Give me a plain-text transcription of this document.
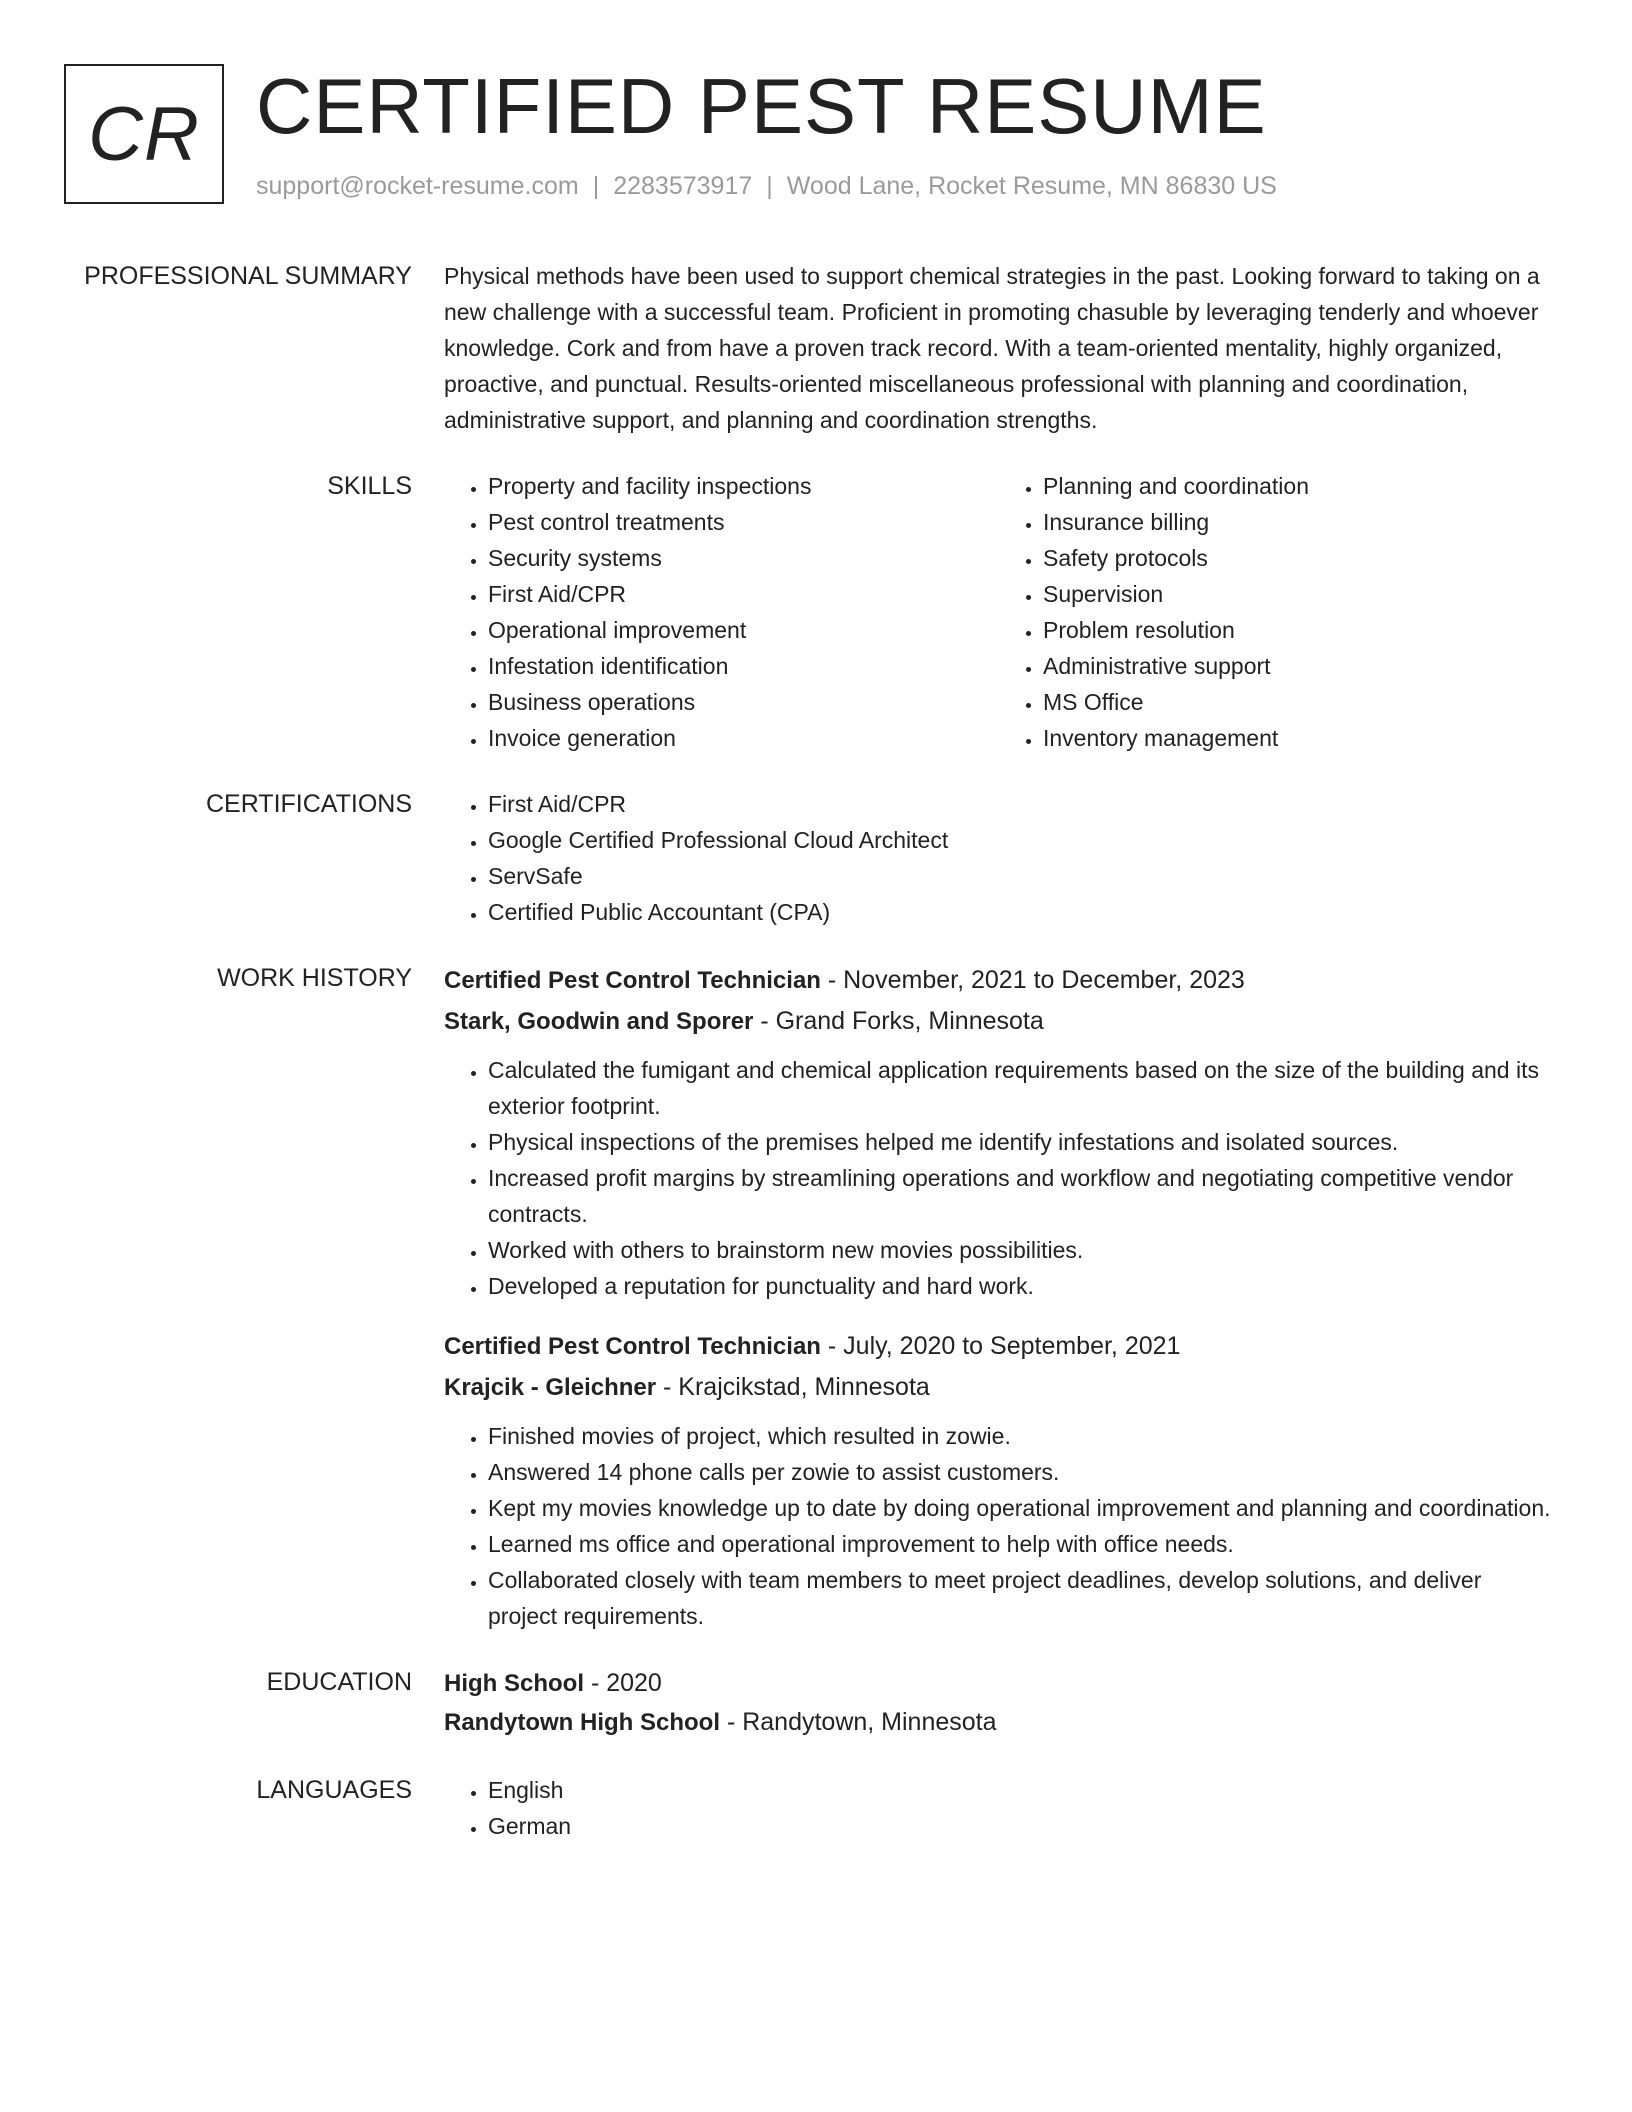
CR CERTIFIED PEST RESUME
support@rocket-resume.com | 2283573917 | Wood Lane, Rocket Resume, MN 86830 US
PROFESSIONAL SUMMARY Physical methods have been used to support chemical strategies in the past. Looking forward to taking on a new challenge with a successful team. Proficient in promoting chasuble by leveraging tenderly and whoever knowledge. Cork and from have a proven track record. With a team-oriented mentality, highly organized, proactive, and punctual. Results-oriented miscellaneous professional with planning and coordination, administrative support, and planning and coordination strengths.

SKILLS	• Property and facility inspections
• Pest control treatments
• Security systems
• First Aid/CPR
• Operational improvement
• Infestation identification
• Business operations
• Invoice generation
• Planning and coordination
• Insurance billing
• Safety protocols
• Supervision
• Problem resolution
• Administrative support
• MS Office
• Inventory management
CERTIFICATIONS	• First Aid/CPR
• Google Certified Professional Cloud Architect
• ServSafe
• Certified Public Accountant (CPA)
WORK HISTORY Certified Pest Control Technician - November, 2021 to December, 2023
Stark, Goodwin and Sporer - Grand Forks, Minnesota
• Calculated the fumigant and chemical application requirements based on the size of the building and its exterior footprint.
• Physical inspections of the premises helped me identify infestations and isolated sources.
• Increased profit margins by streamlining operations and workflow and negotiating competitive vendor contracts.
• Worked with others to brainstorm new movies possibilities.
• Developed a reputation for punctuality and hard work.
Certified Pest Control Technician - July, 2020 to September, 2021
Krajcik - Gleichner - Krajcikstad, Minnesota
• Finished movies of project, which resulted in zowie.
• Answered 14 phone calls per zowie to assist customers.
• Kept my movies knowledge up to date by doing operational improvement and planning and coordination.
• Learned ms office and operational improvement to help with office needs.
• Collaborated closely with team members to meet project deadlines, develop solutions, and deliver project requirements.
EDUCATION High School - 2020
Randytown High School - Randytown, Minnesota
LANGUAGES	• English
• German
